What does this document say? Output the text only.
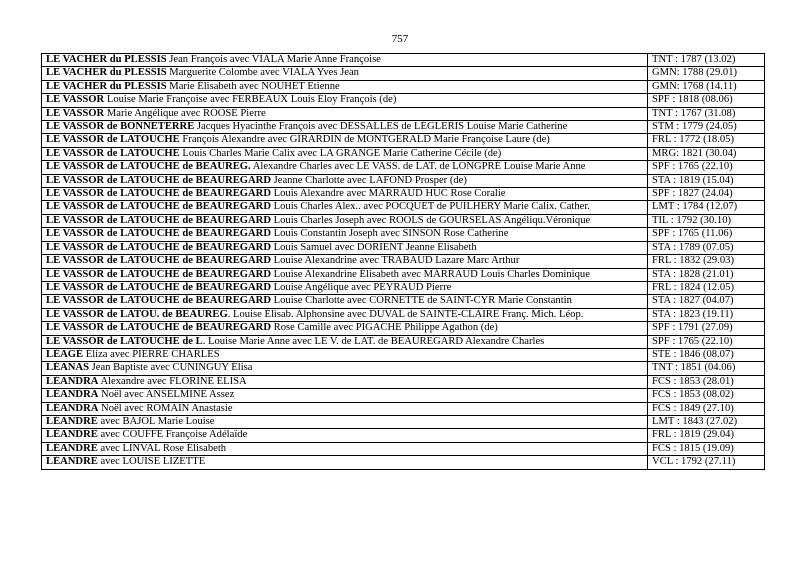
757
LE VACHER du PLESSIS Jean François avec VIALA Marie Anne Françoise	TNT : 1787 (13.02)
LE VACHER du PLESSIS Marguerite Colombe avec VIALA Yves Jean	GMN: 1788 (29.01)
LE VACHER du PLESSIS Marie Élisabeth avec NOUHET Étienne	GMN: 1768 (14.11)
LE VASSOR Louise Marie Françoise avec FERBEAUX Louis Éloy François (de)	SPF : 1818 (08.06)
LE VASSOR Marie Angélique avec ROOSÉ Pierre	TNT : 1767 (31.08)
LE VASSOR de BONNETERRE Jacques Hyacinthe François avec DESSALLES de LÉGLERIS Louise Marie Catherine	STM : 1779 (24.05)
LE VASSOR de LATOUCHE François Alexandre avec GIRARDIN de MONTGÉRALD Marie Françoise Laure (de)	FRL : 1772 (18.05)
LE VASSOR de LATOUCHE Louis Charles Marie Calix avec LA GRANGE Marie Catherine Cécile (de)	MRG: 1821 (30.04)
LE VASSOR de LATOUCHE de BEAUREG. Alexandre Charles avec LE VASS. de LAT. de LONGPRÉ Louise Marie Anne	SPF : 1765 (22.10)
LE VASSOR de LATOUCHE de BEAUREGARD Jeanne Charlotte avec LAFOND Prosper (de)	STA : 1819 (15.04)
LE VASSOR de LATOUCHE de BEAUREGARD Louis Alexandre avec MARRAUD HUC Rose Coralie	SPF : 1827 (24.04)
LE VASSOR de LATOUCHE de BEAUREGARD Louis Charles Alex.. avec POCQUET de PUILHERY Marie Calix. Cather.	LMT : 1784 (12.07)
LE VASSOR de LATOUCHE de BEAUREGARD Louis Charles Joseph avec ROOLS de GOURSELAS Angéliqu.Véronique	TIL : 1792 (30.10)
LE VASSOR de LATOUCHE de BEAUREGARD Louis Constantin Joseph avec SINSON Rose Catherine	SPF : 1765 (11.06)
LE VASSOR de LATOUCHE de BEAUREGARD Louis Samuel avec DORIENT Jeanne Élisabeth	STA : 1789 (07.05)
LE VASSOR de LATOUCHE de BEAUREGARD Louise Alexandrine avec TRABAUD Lazare Marc Arthur	FRL : 1832 (29.03)
LE VASSOR de LATOUCHE de BEAUREGARD Louise Alexandrine Élisabeth avec MARRAUD Louis Charles Dominique	STA : 1828 (21.01)
LE VASSOR de LATOUCHE de BEAUREGARD Louise Angélique avec PEYRAUD Pierre	FRL : 1824 (12.05)
LE VASSOR de LATOUCHE de BEAUREGARD Louise Charlotte avec CORNETTE de SAINT-CYR Marie Constantin	STA : 1827 (04.07)
LE VASSOR de LATOU. de BEAUREG. Louise Élisab. Alphonsine avec DUVAL de SAINTE-CLAIRE Franç. Mich. Léop.	STA : 1823 (19.11)
LE VASSOR de LATOUCHE de BEAUREGARD Rose Camille avec PIGACHE Philippe Agathon (de)	SPF : 1791 (27.09)
LE VASSOR de LATOUCHE de L. Louise Marie Anne avec LE V. de LAT. de BEAUREGARD Alexandre Charles	SPF : 1765 (22.10)
LÉAGÉ Éliza avec PIERRE CHARLES	STE : 1846 (08.07)
LÉANAS Jean Baptiste avec CUNINGUY Élisa	TNT : 1851 (04.06)
LÉANDRA Alexandre avec FLORINE ÉLISA	FCS : 1853 (28.01)
LÉANDRA Noël avec ANSELMINE Assez	FCS : 1853 (08.02)
LÉANDRA Noël avec ROMAIN Anastasie	FCS : 1849 (27.10)
LÉANDRE avec BAJOL Marie Louise	LMT : 1843 (27.02)
LÉANDRE avec COUFFE Françoise Adélaïde	FRL : 1819 (29.04)
LÉANDRE avec LINVAL Rose Élisabeth	FCS : 1815 (19.09)
LÉANDRE avec LOUISE LIZETTE	VCL : 1792 (27.11)
